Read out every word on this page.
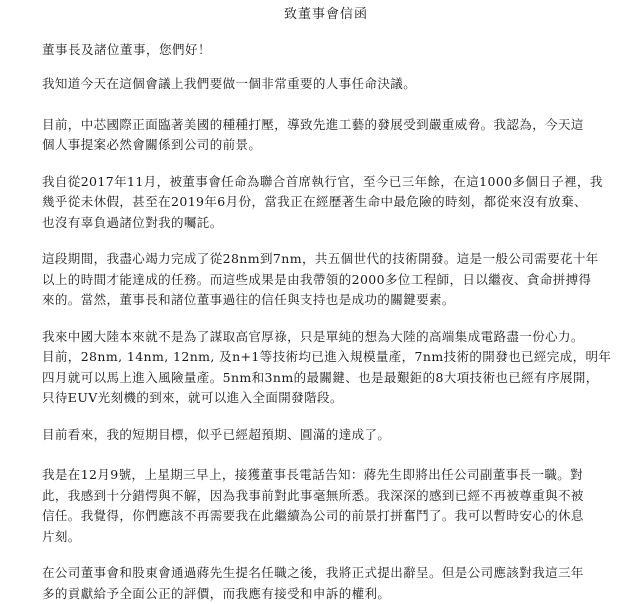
致董事會信函
董事長及諸位董事，您們好！
我知道今天在這個會議上我們要做一個非常重要的人事任命決議。
目前，中芯國際正面臨著美國的種種打壓，導致先進工藝的發展受到嚴重威脅。我認為，今天這
個人事提案必然會關係到公司的前景。
我自從2017年11月，被董事會任命為聯合首席執行官，至今已三年餘，在這1000多個日子裡，我
幾乎從未休假，甚至在2019年6月份，當我正在經歷著生命中最危險的時刻，都從來沒有放棄、
也沒有辜負過諸位對我的囑託。
這段期間，我盡心竭力完成了從28nm到7nm，共五個世代的技術開發。這是一般公司需要花十年
以上的時間才能達成的任務。而這些成果是由我帶領的2000多位工程師，日以繼夜、貪命拼搏得
來的。當然，董事長和諸位董事過往的信任與支持也是成功的關鍵要素。
我來中國大陸本來就不是為了謀取高官厚祿，只是單純的想為大陸的高端集成電路盡一份心力。
目前，28nm, 14nm, 12nm, 及n+1等技術均已進入規模量產，7nm技術的開發也已經完成，明年
四月就可以馬上進入風險量產。5nm和3nm的最關鍵、也是最艱鉅的8大項技術也已經有序展開，
只待EUV光刻機的到來，就可以進入全面開發階段。
目前看來，我的短期目標，似乎已經超預期、圓滿的達成了。
我是在12月9號，上星期三早上，接獲董事長電話告知：蔣先生即將出任公司副董事長一職。對
此，我感到十分錯愕與不解，因為我事前對此事毫無所悉。我深深的感到已經不再被尊重與不被
信任。我覺得，你們應該不再需要我在此繼續為公司的前景打拼奮鬥了。我可以暫時安心的休息
片刻。
在公司董事會和股東會通過蔣先生提名任職之後，我將正式提出辭呈。但是公司應該對我這三年
多的貢獻給予全面公正的評價，而我應有接受和申訴的權利。
